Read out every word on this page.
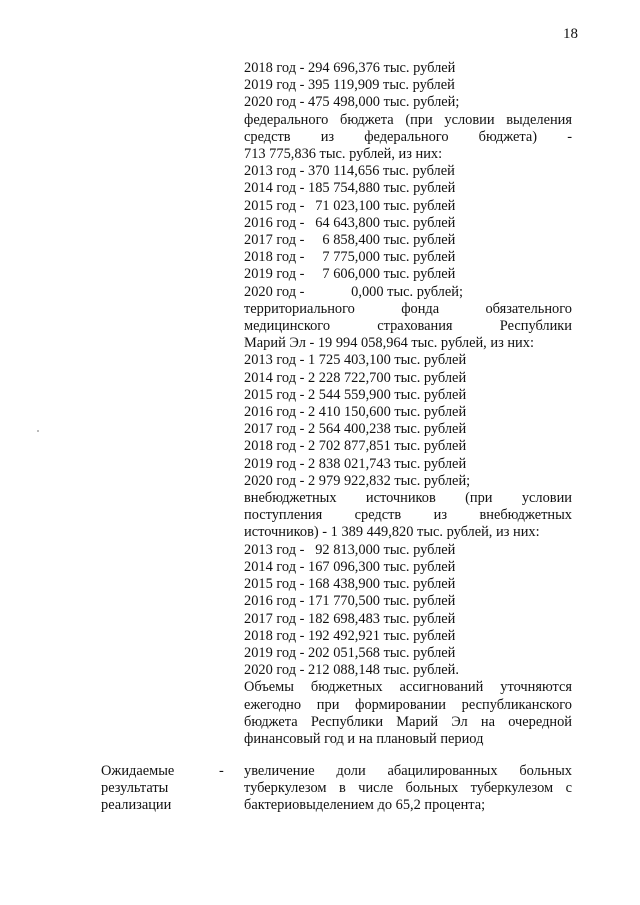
18
2018 год - 294 696,376 тыс. рублей
2019 год - 395 119,909 тыс. рублей
2020 год - 475 498,000 тыс. рублей;
федерального бюджета (при условии выделения
средств из федерального бюджета) -
713 775,836 тыс. рублей, из них:
2013 год - 370 114,656 тыс. рублей
2014 год - 185 754,880 тыс. рублей
2015 год -   71 023,100 тыс. рублей
2016 год -   64 643,800 тыс. рублей
2017 год -     6 858,400 тыс. рублей
2018 год -     7 775,000 тыс. рублей
2019 год -     7 606,000 тыс. рублей
2020 год -             0,000 тыс. рублей;
территориального фонда обязательного
медицинского страхования Республики
Марий Эл - 19 994 058,964 тыс. рублей, из них:
2013 год - 1 725 403,100 тыс. рублей
2014 год - 2 228 722,700 тыс. рублей
2015 год - 2 544 559,900 тыс. рублей
2016 год - 2 410 150,600 тыс. рублей
2017 год - 2 564 400,238 тыс. рублей
2018 год - 2 702 877,851 тыс. рублей
2019 год - 2 838 021,743 тыс. рублей
2020 год - 2 979 922,832 тыс. рублей;
внебюджетных источников (при условии
поступления средств из внебюджетных
источников) - 1 389 449,820 тыс. рублей, из них:
2013 год -   92 813,000 тыс. рублей
2014 год - 167 096,300 тыс. рублей
2015 год - 168 438,900 тыс. рублей
2016 год - 171 770,500 тыс. рублей
2017 год - 182 698,483 тыс. рублей
2018 год - 192 492,921 тыс. рублей
2019 год - 202 051,568 тыс. рублей
2020 год - 212 088,148 тыс. рублей.
Объемы бюджетных ассигнований уточняются ежегодно при формировании республиканского бюджета Республики Марий Эл на очередной финансовый год и на плановый период
Ожидаемые результаты реализации
- увеличение доли абацилированных больных туберкулезом в числе больных туберкулезом с бактериовыделением до 65,2 процента;
